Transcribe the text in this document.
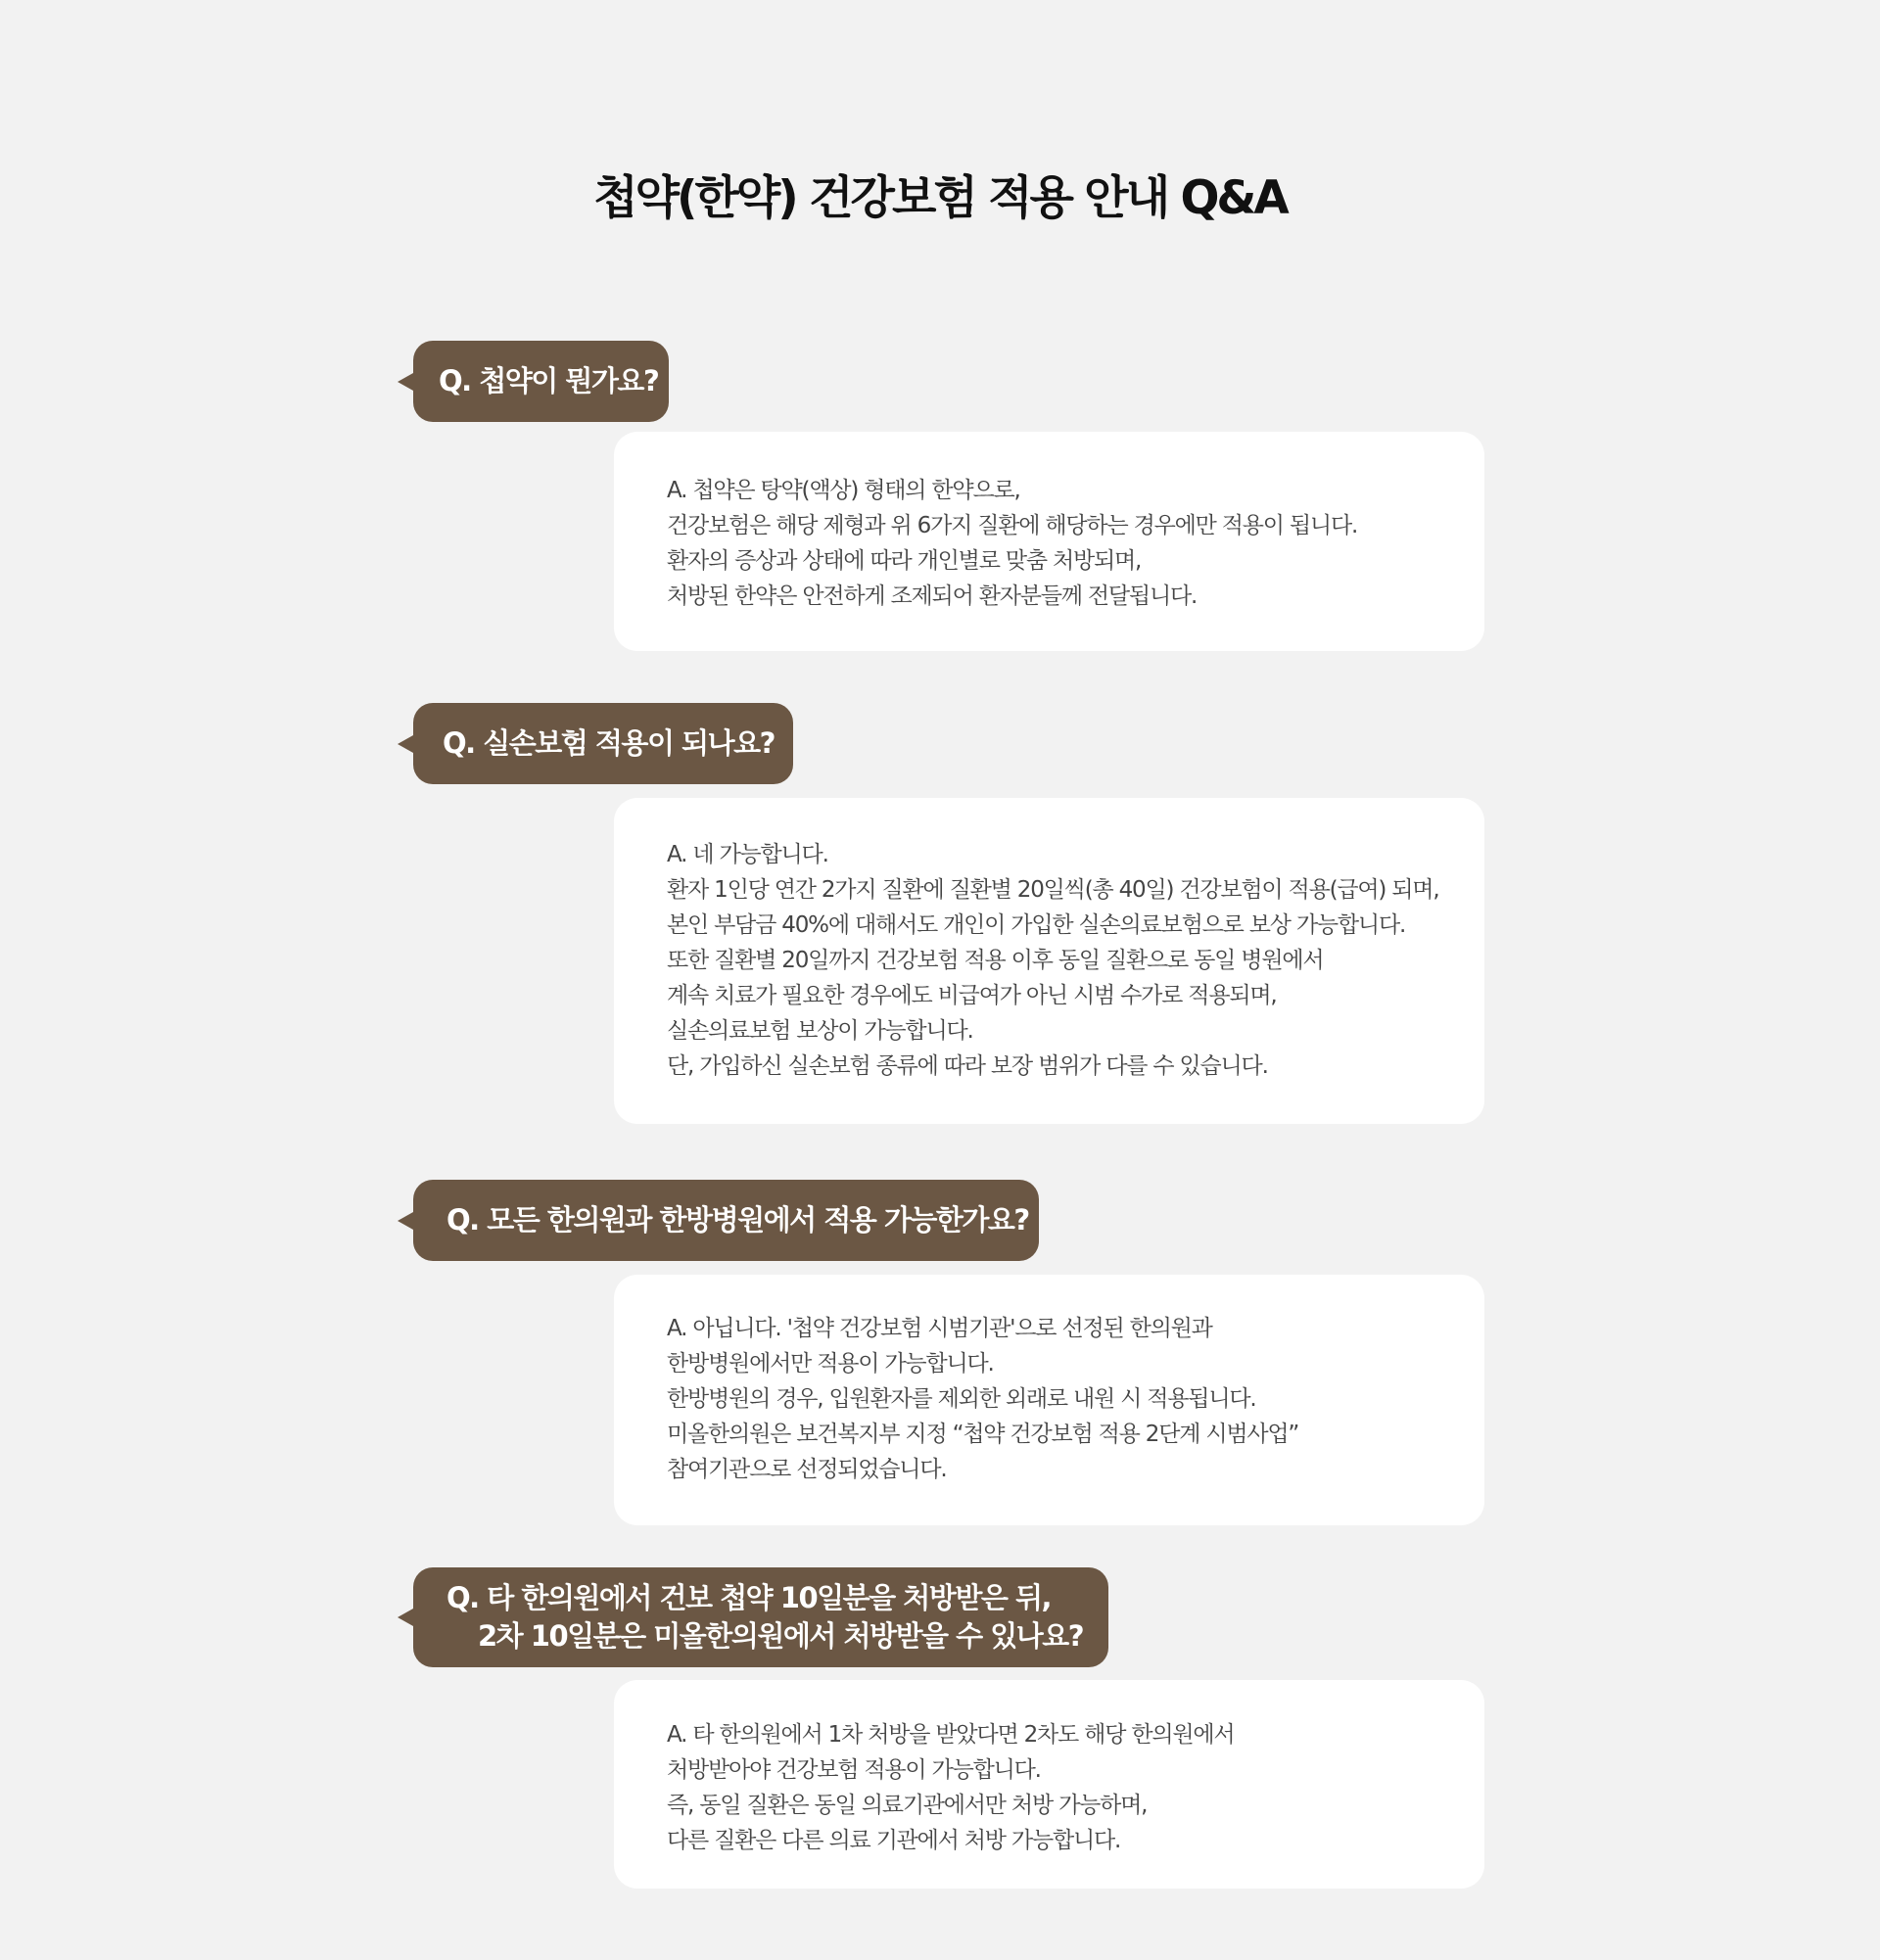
첩약(한약) 건강보험 적용 안내 Q&A
Q. 첩약이 뭔가요?
A. 첩약은 탕약(액상) 형태의 한약으로,
건강보험은 해당 제형과 위 6가지 질환에 해당하는 경우에만 적용이 됩니다.
환자의 증상과 상태에 따라 개인별로 맞춤 처방되며,
처방된 한약은 안전하게 조제되어 환자분들께 전달됩니다.
Q. 실손보험 적용이 되나요?
A. 네 가능합니다.
환자 1인당 연간 2가지 질환에 질환별 20일씩(총 40일) 건강보험이 적용(급여) 되며,
본인 부담금 40%에 대해서도 개인이 가입한 실손의료보험으로 보상 가능합니다.
또한 질환별 20일까지 건강보험 적용 이후 동일 질환으로 동일 병원에서
계속 치료가 필요한 경우에도 비급여가 아닌 시범 수가로 적용되며,
실손의료보험 보상이 가능합니다.
단, 가입하신 실손보험 종류에 따라 보장 범위가 다를 수 있습니다.
Q. 모든 한의원과 한방병원에서 적용 가능한가요?
A. 아닙니다. '첩약 건강보험 시범기관'으로 선정된 한의원과
한방병원에서만 적용이 가능합니다.
한방병원의 경우, 입원환자를 제외한 외래로 내원 시 적용됩니다.
미올한의원은 보건복지부 지정 “첩약 건강보험 적용 2단계 시범사업”
참여기관으로 선정되었습니다.
Q. 타 한의원에서 건보 첩약 10일분을 처방받은 뒤,
2차 10일분은 미올한의원에서 처방받을 수 있나요?
A. 타 한의원에서 1차 처방을 받았다면 2차도 해당 한의원에서
처방받아야 건강보험 적용이 가능합니다.
즉, 동일 질환은 동일 의료기관에서만 처방 가능하며,
다른 질환은 다른 의료 기관에서 처방 가능합니다.
